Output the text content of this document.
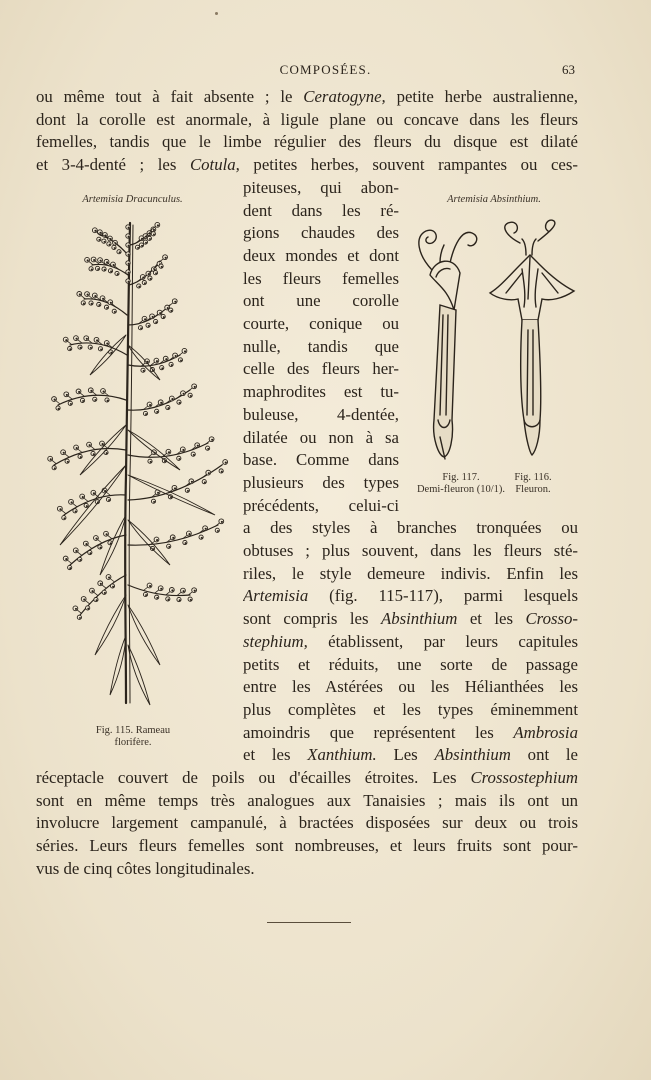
COMPOSÉES.	63
ou même tout à fait absente ; le Ceratogyne, petite herbe australienne,
dont la corolle est anormale, à ligule plane ou concave dans les fleurs
femelles, tandis que le limbe régulier des fleurs du disque est dilaté
et 3-4-denté ; les Cotula, petites herbes, souvent rampantes ou ces-
piteuses, qui abon-
dent dans les ré-
gions chaudes des
deux mondes et dont
les fleurs femelles
ont une corolle
courte, conique ou
nulle, tandis que
celle des fleurs her-
maphrodites est tu-
buleuse, 4-dentée,
dilatée ou non à sa
base. Comme dans
plusieurs des types
précédents, celui-ci
a des styles à branches tronquées ou
obtuses ; plus souvent, dans les fleurs sté-
riles, le style demeure indivis. Enfin les
Artemisia (fig. 115-117), parmi lesquels
sont compris les Absinthium et les Crosso-
stephium, établissent, par leurs capitules
petits et réduits, une sorte de passage
entre les Astérées ou les Hélianthées les
plus complètes et les types éminemment
amoindris que représentent les Ambrosia
et les Xanthium. Les Absinthium ont le
réceptacle couvert de poils ou d'écailles étroites. Les Crossostephium
sont en même temps très analogues aux Tanaisies ; mais ils ont un
involucre largement campanulé, à bractées disposées sur deux ou trois
séries. Leurs fleurs femelles sont nombreuses, et leurs fruits sont pour-
vus de cinq côtes longitudinales.
Artemisia Dracunculus.
Fig. 115. Rameau
florifère.
Artemisia Absinthium.
Fig. 117.
Demi-fleuron (10/1).
Fig. 116.
Fleuron.
